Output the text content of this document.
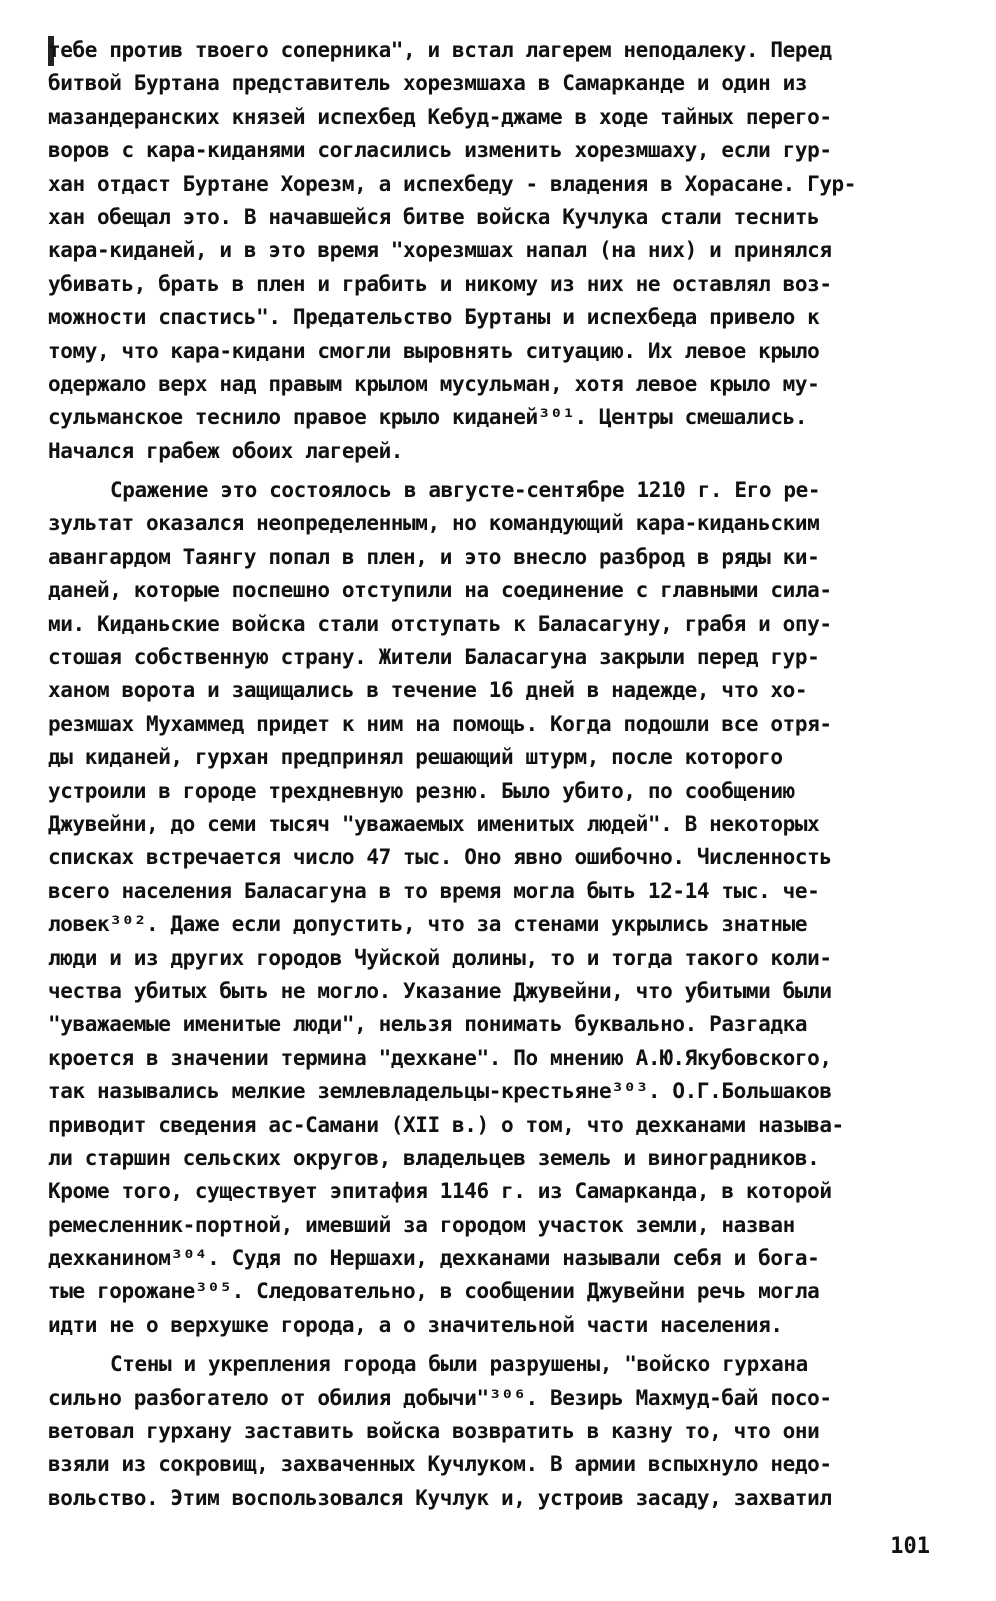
тебе против твоего соперника", и встал лагерем неподалеку. Перед
битвой Буртана представитель хорезмшаха в Самарканде и один из
мазандеранских князей испехбед Кебуд-джаме в ходе тайных перего-
воров с кара-киданями согласились изменить хорезмшаху, если гур-
хан отдаст Буртане Хорезм, а испехбеду - владения в Хорасане. Гур-
хан обещал это. В начавшейся битве войска Кучлука стали теснить
кара-киданей, и в это время "хорезмшах напал (на них) и принялся
убивать, брать в плен и грабить и никому из них не оставлял воз-
можности спастись". Предательство Буртаны и испехбеда привело к
тому, что кара-кидани смогли выровнять ситуацию. Их левое крыло
одержало верх над правым крылом мусульман, хотя левое крыло му-
сульманское теснило правое крыло киданей³⁰¹. Центры смешались.
Начался грабеж обоих лагерей.
Сражение это состоялось в августе-сентябре 1210 г. Его ре-
зультат оказался неопределенным, но командующий кара-киданьским
авангардом Таянгу попал в плен, и это внесло разброд в ряды ки-
даней, которые поспешно отступили на соединение с главными сила-
ми. Киданьские войска стали отступать к Баласагуну, грабя и опу-
стошая собственную страну. Жители Баласагуна закрыли перед гур-
ханом ворота и защищались в течение 16 дней в надежде, что хо-
резмшах Мухаммед придет к ним на помощь. Когда подошли все отря-
ды киданей, гурхан предпринял решающий штурм, после которого
устроили в городе трехдневную резню. Было убито, по сообщению
Джувейни, до семи тысяч "уважаемых именитых людей". В некоторых
списках встречается число 47 тыс. Оно явно ошибочно. Численность
всего населения Баласагуна в то время могла быть 12-14 тыс. че-
ловек³⁰². Даже если допустить, что за стенами укрылись знатные
люди и из других городов Чуйской долины, то и тогда такого коли-
чества убитых быть не могло. Указание Джувейни, что убитыми были
"уважаемые именитые люди", нельзя понимать буквально. Разгадка
кроется в значении термина "дехкане". По мнению А.Ю.Якубовского,
так назывались мелкие землевладельцы-крестьяне³⁰³. О.Г.Большаков
приводит сведения ас-Самани (XII в.) о том, что дехканами называ-
ли старшин сельских округов, владельцев земель и виноградников.
Кроме того, существует эпитафия 1146 г. из Самарканда, в которой
ремесленник-портной, имевший за городом участок земли, назван
дехканином³⁰⁴. Судя по Нершахи, дехканами называли себя и бога-
тые горожане³⁰⁵. Следовательно, в сообщении Джувейни речь могла
идти не о верхушке города, а о значительной части населения.
Стены и укрепления города были разрушены, "войско гурхана
сильно разбогатело от обилия добычи"³⁰⁶. Везирь Махмуд-бай посо-
ветовал гурхану заставить войска возвратить в казну то, что они
взяли из сокровищ, захваченных Кучлуком. В армии вспыхнуло недо-
вольство. Этим воспользовался Кучлук и, устроив засаду, захватил
101
